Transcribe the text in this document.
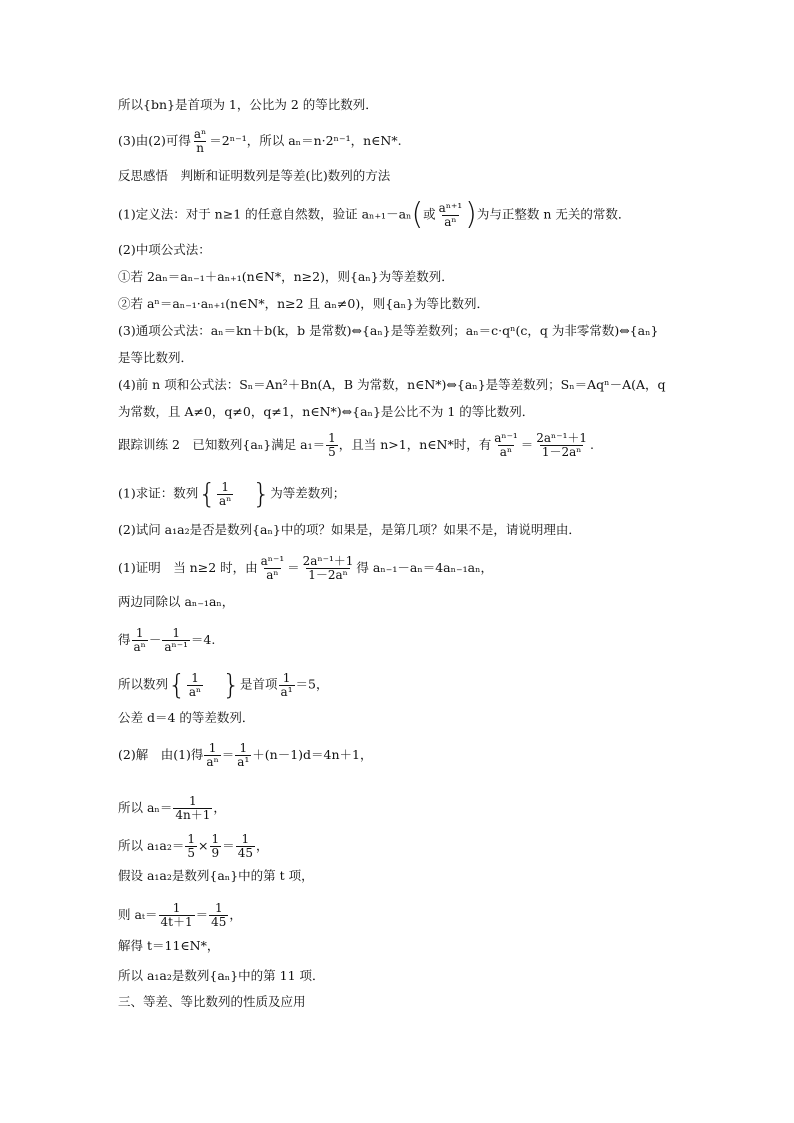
所以{bn}是首项为 1，公比为 2 的等比数列．
(3)由(2)可得 $\frac{\text{aⁿ}}{n} =2^{n-1}$，所以 aₙ＝n·2ⁿ⁻¹，n∈N*.
反思感悟　判断和证明数列是等差(比)数列的方法
(1)定义法：对于 n≥1 的任意自然数，验证 aₙ₊₁－aₙ(或 $\frac{\text{aⁿ⁺¹}}{\text{aⁿ}}$ )为与正整数 n 无关的常数．
(2)中项公式法：
①若 2aₙ＝aₙ₋₁＋aₙ₊₁(n∈N*，n≥2)，则{aₙ}为等差数列．
②若 aⁿ＝aₙ₋₁·aₙ₊₁(n∈N*，n≥2 且 aₙ≠0)，则{aₙ}为等比数列．
(3)通项公式法：aₙ＝kn＋b(k，b 是常数)⇔{aₙ}是等差数列；aₙ＝c·qⁿ(c，q 为非零常数)⇔{aₙ}
是等比数列．
(4)前 n 项和公式法：Sₙ＝An²＋Bn(A，B 为常数，n∈N*)⇔{aₙ}是等差数列；Sₙ＝Aqⁿ－A(A，q
为常数，且 A≠0，q≠0，q≠1，n∈N*)⇔{aₙ}是公比不为 1 的等比数列．
跟踪训练 2　已知数列{aₙ}满足 $a_1= \frac{1}{5}$ ，且当 n>1，n∈N*时，有 $\frac{\text{aⁿ⁻¹}}{\text{aⁿ}} = \frac{\text{2aⁿ⁻¹＋1}}{\text{1－2aⁿ}}$ .
(1)求证：数列{ $\frac{1}{\text{aⁿ}}$ }为等差数列；
(2)试问 a₁a₂是否是数列{aₙ}中的项？如果是，是第几项？如果不是，请说明理由．
(1)证明　当 n≥2 时，由 $\frac{\text{aⁿ⁻¹}}{\text{aⁿ}} = \frac{\text{2aⁿ⁻¹＋1}}{\text{1－2aⁿ}}$ 得 aₙ₋₁－aₙ＝4aₙ₋₁aₙ，
两边同除以 aₙ₋₁aₙ，
得 $\frac{1}{\text{aⁿ}} - \frac{1}{\text{aⁿ⁻¹}} =4$.
所以数列{ $\frac{1}{\text{aⁿ}}$ }是首项 $\frac{1}{\text{a¹}} =5$，
公差 d＝4 的等差数列．
(2)解　由(1)得 $\frac{1}{\text{aⁿ}} = \frac{1}{\text{a¹}} +(n-1)d=4n+1$，
所以 $a_n= \frac{1}{4n+1}$ ，
所以 $a_1a_2= \frac{1}{5} \times \frac{1}{9} = \frac{1}{45}$ ，
假设 a₁a₂是数列{aₙ}中的第 t 项，
则 $a_t= \frac{1}{4t+1} = \frac{1}{45}$ ，
解得 t＝11∈N*，
所以 a₁a₂是数列{aₙ}中的第 11 项．
三、等差、等比数列的性质及应用
